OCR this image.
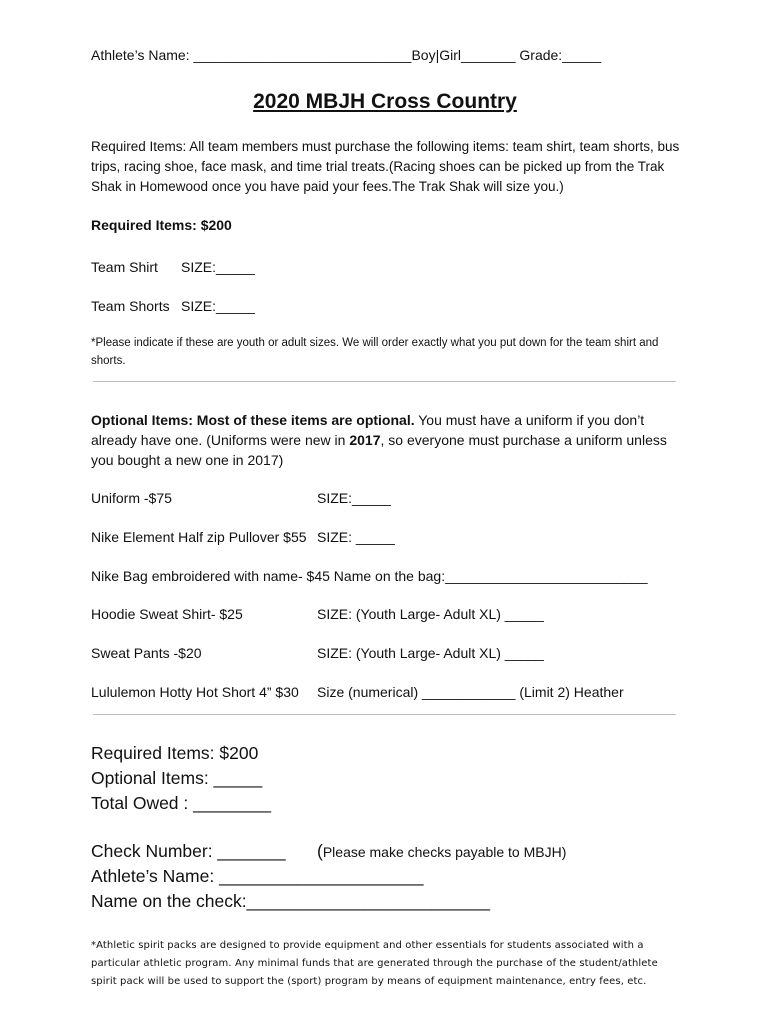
Athlete’s Name: ____________________________Boy|Girl_______ Grade:_____
2020 MBJH Cross Country
Required Items: All team members must purchase the following items: team shirt, team shorts, bus trips, racing shoe, face mask, and time trial treats.(Racing shoes can be picked up from the Trak Shak in Homewood once you have paid your fees.The Trak Shak will size you.)
Required Items: $200
Team Shirt SIZE:_____
Team Shorts SIZE:_____
*Please indicate if these are youth or adult sizes. We will order exactly what you put down for the team shirt and shorts.
Optional Items: Most of these items are optional. You must have a uniform if you don’t already have one. (Uniforms were new in 2017, so everyone must purchase a uniform unless you bought a new one in 2017)
Uniform -$75	SIZE:_____
Nike Element Half zip Pullover $55 SIZE: _____
Nike Bag embroidered with name- $45 Name on the bag:__________________________
Hoodie Sweat Shirt- $25	SIZE: (Youth Large- Adult XL) _____
Sweat Pants -$20	SIZE: (Youth Large- Adult XL) _____
Lululemon Hotty Hot Short 4” $30 Size (numerical) ____________ (Limit 2) Heather
Required Items: $200
Optional Items: _____
Total Owed : ________
Check Number: _______ (Please make checks payable to MBJH)
Athlete’s Name: _____________________
Name on the check:_________________________
*Athletic spirit packs are designed to provide equipment and other essentials for students associated with a particular athletic program. Any minimal funds that are generated through the purchase of the student/athlete spirit pack will be used to support the (sport) program by means of equipment maintenance, entry fees, etc.
